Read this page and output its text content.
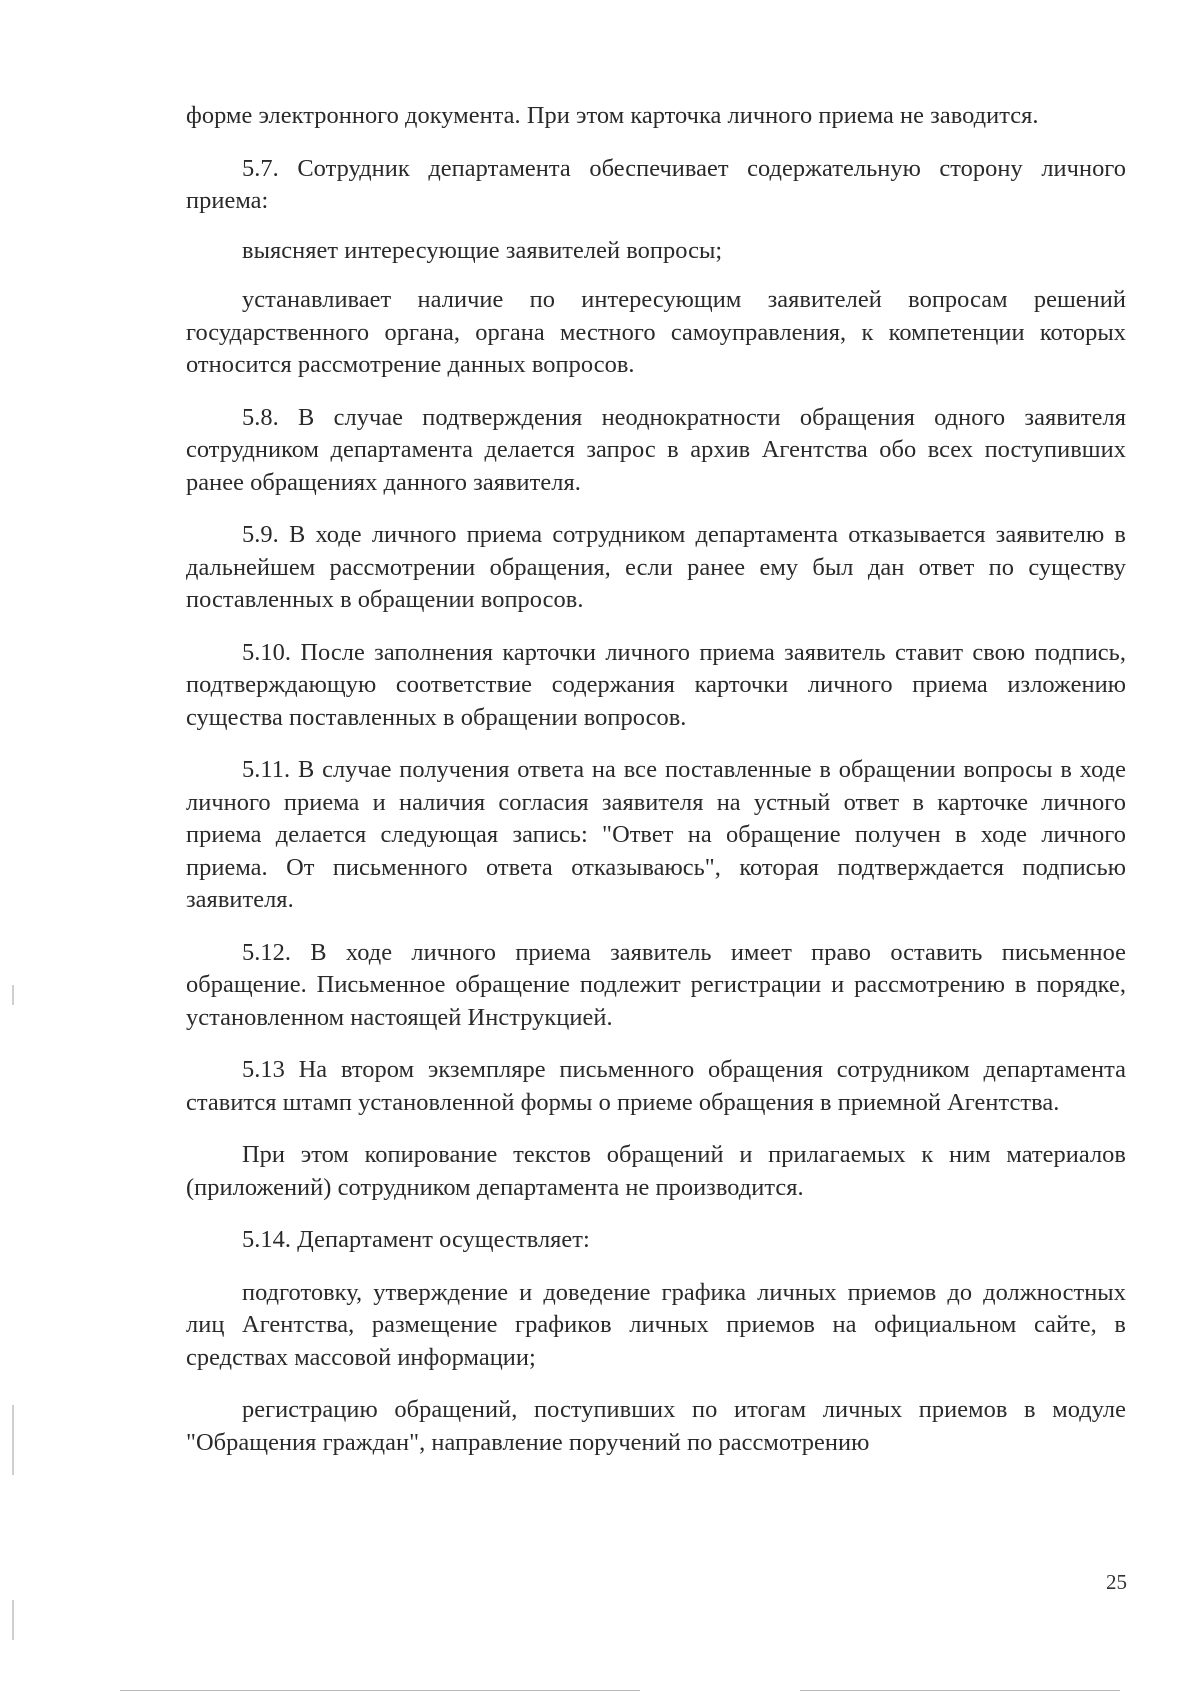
форме электронного документа. При этом карточка личного приема не заводится.

5.7. Сотрудник департамента обеспечивает содержательную сторону личного приема:

выясняет интересующие заявителей вопросы;

устанавливает наличие по интересующим заявителей вопросам решений государственного органа, органа местного самоуправления, к компетенции которых относится рассмотрение данных вопросов.

5.8. В случае подтверждения неоднократности обращения одного заявителя сотрудником департамента делается запрос в архив Агентства обо всех поступивших ранее обращениях данного заявителя.

5.9. В ходе личного приема сотрудником департамента отказывается заявителю в дальнейшем рассмотрении обращения, если ранее ему был дан ответ по существу поставленных в обращении вопросов.

5.10. После заполнения карточки личного приема заявитель ставит свою подпись, подтверждающую соответствие содержания карточки личного приема изложению существа поставленных в обращении вопросов.

5.11. В случае получения ответа на все поставленные в обращении вопросы в ходе личного приема и наличия согласия заявителя на устный ответ в карточке личного приема делается следующая запись: "Ответ на обращение получен в ходе личного приема. От письменного ответа отказываюсь", которая подтверждается подписью заявителя.

5.12. В ходе личного приема заявитель имеет право оставить письменное обращение. Письменное обращение подлежит регистрации и рассмотрению в порядке, установленном настоящей Инструкцией.

5.13 На втором экземпляре письменного обращения сотрудником департамента ставится штамп установленной формы о приеме обращения в приемной Агентства.

При этом копирование текстов обращений и прилагаемых к ним материалов (приложений) сотрудником департамента не производится.

5.14. Департамент осуществляет:

подготовку, утверждение и доведение графика личных приемов до должностных лиц Агентства, размещение графиков личных приемов на официальном сайте, в средствах массовой информации;

регистрацию обращений, поступивших по итогам личных приемов в модуле "Обращения граждан", направление поручений по рассмотрению

25
